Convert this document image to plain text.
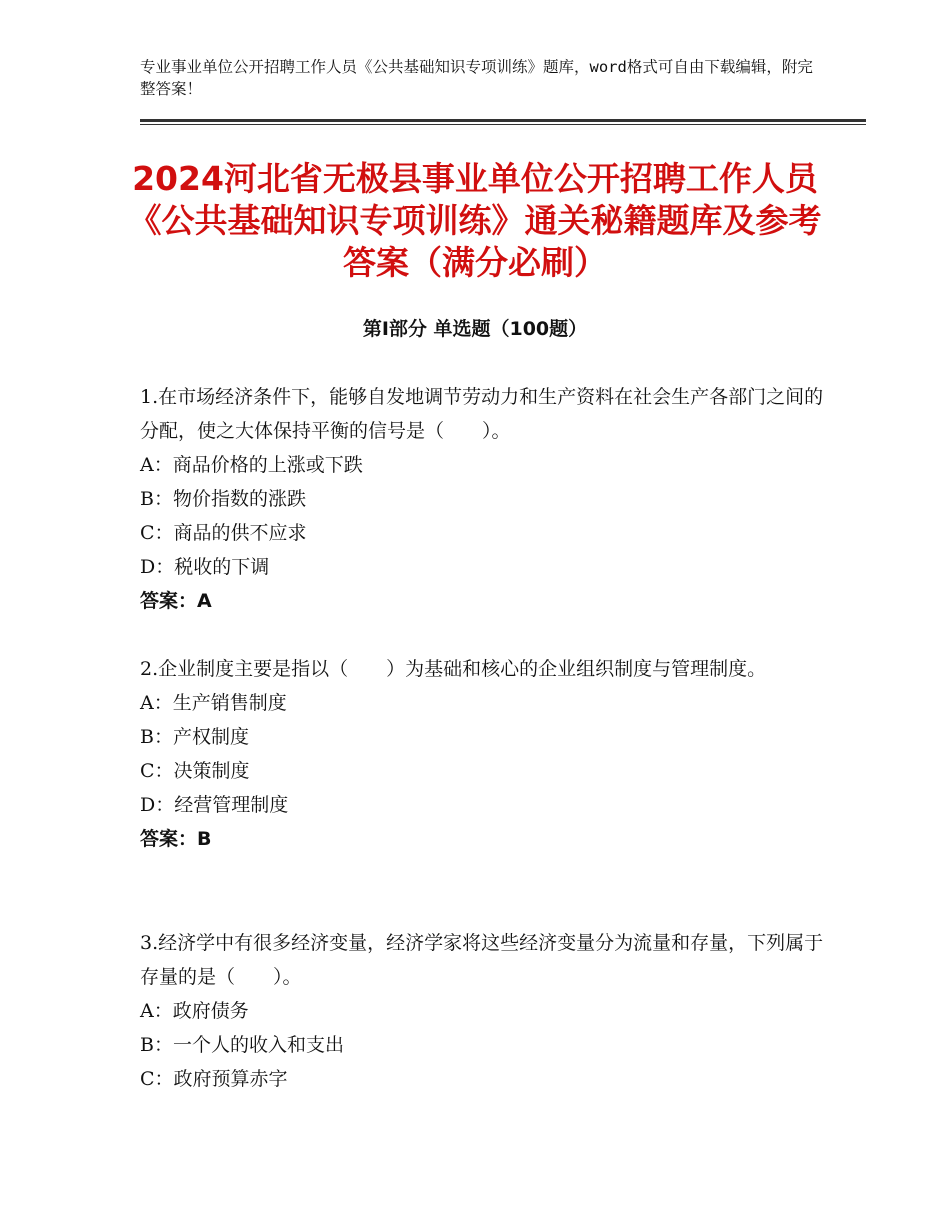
专业事业单位公开招聘工作人员《公共基础知识专项训练》题库，word格式可自由下载编辑，附完整答案！
2024河北省无极县事业单位公开招聘工作人员《公共基础知识专项训练》通关秘籍题库及参考答案（满分必刷）
第Ⅰ部分 单选题（100题）

1.在市场经济条件下，能够自发地调节劳动力和生产资料在社会生产各部门之间的分配，使之大体保持平衡的信号是（　　）。

A：商品价格的上涨或下跌

B：物价指数的涨跌

C：商品的供不应求

D：税收的下调

答案：A

2.企业制度主要是指以（　　）为基础和核心的企业组织制度与管理制度。

A：生产销售制度

B：产权制度

C：决策制度

D：经营管理制度

答案：B

3.经济学中有很多经济变量，经济学家将这些经济变量分为流量和存量，下列属于存量的是（　　）。

A：政府债务

B：一个人的收入和支出

C：政府预算赤字
